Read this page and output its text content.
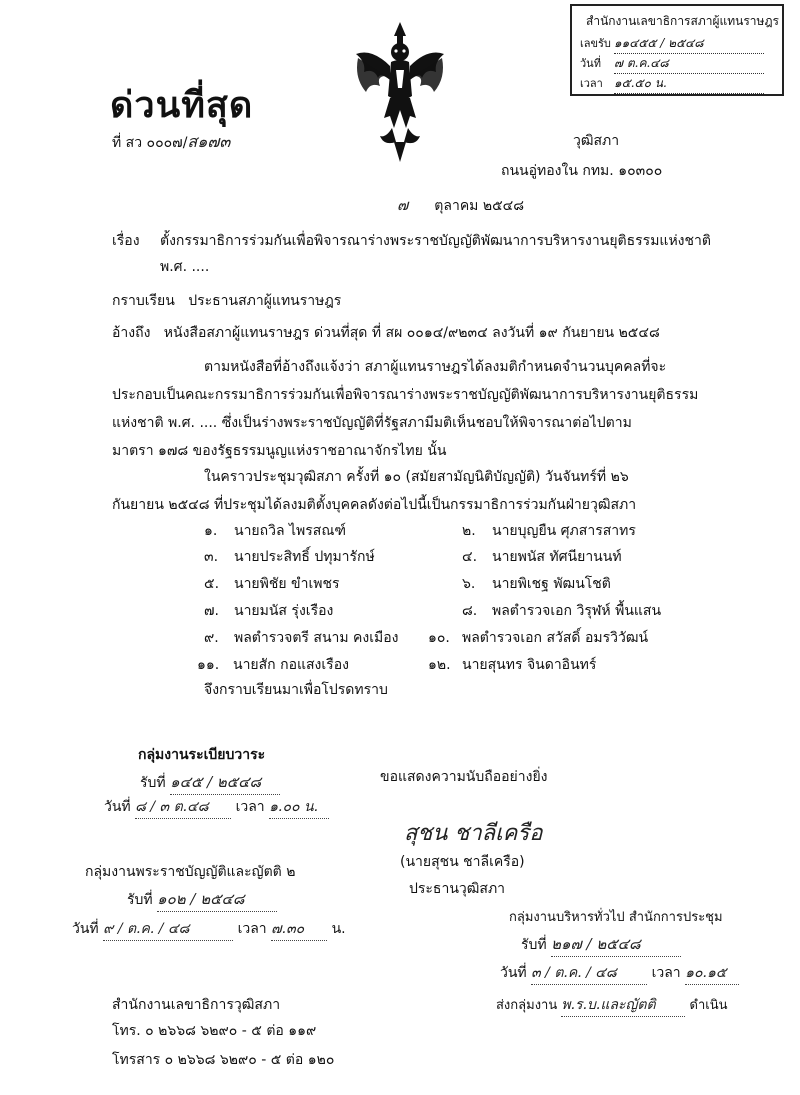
สำนักงานเลขาธิการสภาผู้แทนราษฎร
เลขรับ ๑๑๔๕๕ / ๒๕๔๘
วันที่ ๗ ต.ค.๔๘
เวลา ๑๕.๕๐ น.
ด่วนที่สุด
ที่ สว ๐๐๐๗/ส๑๗๓	วุฒิสภา
ถนนอู่ทองใน กทม. ๑๐๓๐๐
๗ ตุลาคม ๒๕๔๘
เรื่อง ตั้งกรรมาธิการร่วมกันเพื่อพิจารณาร่างพระราชบัญญัติพัฒนาการบริหารงานยุติธรรมแห่งชาติ
พ.ศ. ....
กราบเรียน ประธานสภาผู้แทนราษฎร
อ้างถึง หนังสือสภาผู้แทนราษฎร ด่วนที่สุด ที่ สผ ๐๐๑๔/๙๒๓๔ ลงวันที่ ๑๙ กันยายน ๒๕๔๘
ตามหนังสือที่อ้างถึงแจ้งว่า สภาผู้แทนราษฎรได้ลงมติกำหนดจำนวนบุคคลที่จะ
ประกอบเป็นคณะกรรมาธิการร่วมกันเพื่อพิจารณาร่างพระราชบัญญัติพัฒนาการบริหารงานยุติธรรม
แห่งชาติ พ.ศ. .... ซึ่งเป็นร่างพระราชบัญญัติที่รัฐสภามีมติเห็นชอบให้พิจารณาต่อไปตาม
มาตรา ๑๗๘ ของรัฐธรรมนูญแห่งราชอาณาจักรไทย นั้น
ในคราวประชุมวุฒิสภา ครั้งที่ ๑๐ (สมัยสามัญนิติบัญญัติ) วันจันทร์ที่ ๒๖
กันยายน ๒๕๔๘ ที่ประชุมได้ลงมติตั้งบุคคลดังต่อไปนี้เป็นกรรมาธิการร่วมกันฝ่ายวุฒิสภา
๑. นายถวิล ไพรสณฑ์	๒. นายบุญยืน ศุภสารสาทร
๓. นายประสิทธิ์ ปทุมารักษ์	๔. นายพนัส ทัศนียานนท์
๕. นายพิชัย ขำเพชร	๖. นายพิเชฐ พัฒนโชติ
๗. นายมนัส รุ่งเรือง	๘. พลตำรวจเอก วิรุฬห์ พื้นแสน
๙. พลตำรวจตรี สนาม คงเมือง ๑๐. พลตำรวจเอก สวัสดิ์ อมรวิวัฒน์
๑๑. นายสัก กอแสงเรือง	๑๒. นายสุนทร จินดาอินทร์
จึงกราบเรียนมาเพื่อโปรดทราบ
กลุ่มงานระเบียบวาระ
รับที่ ๑๔๕ / ๒๕๔๘
วันที่ ๘ / ๓ ต.๔๘ เวลา ๑.๐๐ น.
ขอแสดงความนับถืออย่างยิ่ง
สุชน ชาลีเครือ
(นายสุชน ชาลีเครือ)
ประธานวุฒิสภา
กลุ่มงานพระราชบัญญัติและญัตติ ๒
รับที่ ๑๐๒ / ๒๕๔๘
วันที่ ๙ / ต.ค. / ๔๘	เวลา ๗.๓๐ น.
กลุ่มงานบริหารทั่วไป สำนักการประชุม
รับที่ ๒๑๗ / ๒๕๔๘
วันที่ ๓ / ต.ค. / ๔๘ เวลา ๑๐.๑๕
ส่งกลุ่มงาน พ.ร.บ.และญัตติ	ดำเนิน
สำนักงานเลขาธิการวุฒิสภา
โทร. ๐ ๒๖๖๘ ๖๒๙๐ - ๕ ต่อ ๑๑๙
โทรสาร ๐ ๒๖๖๘ ๖๒๙๐ - ๕ ต่อ ๑๒๐
